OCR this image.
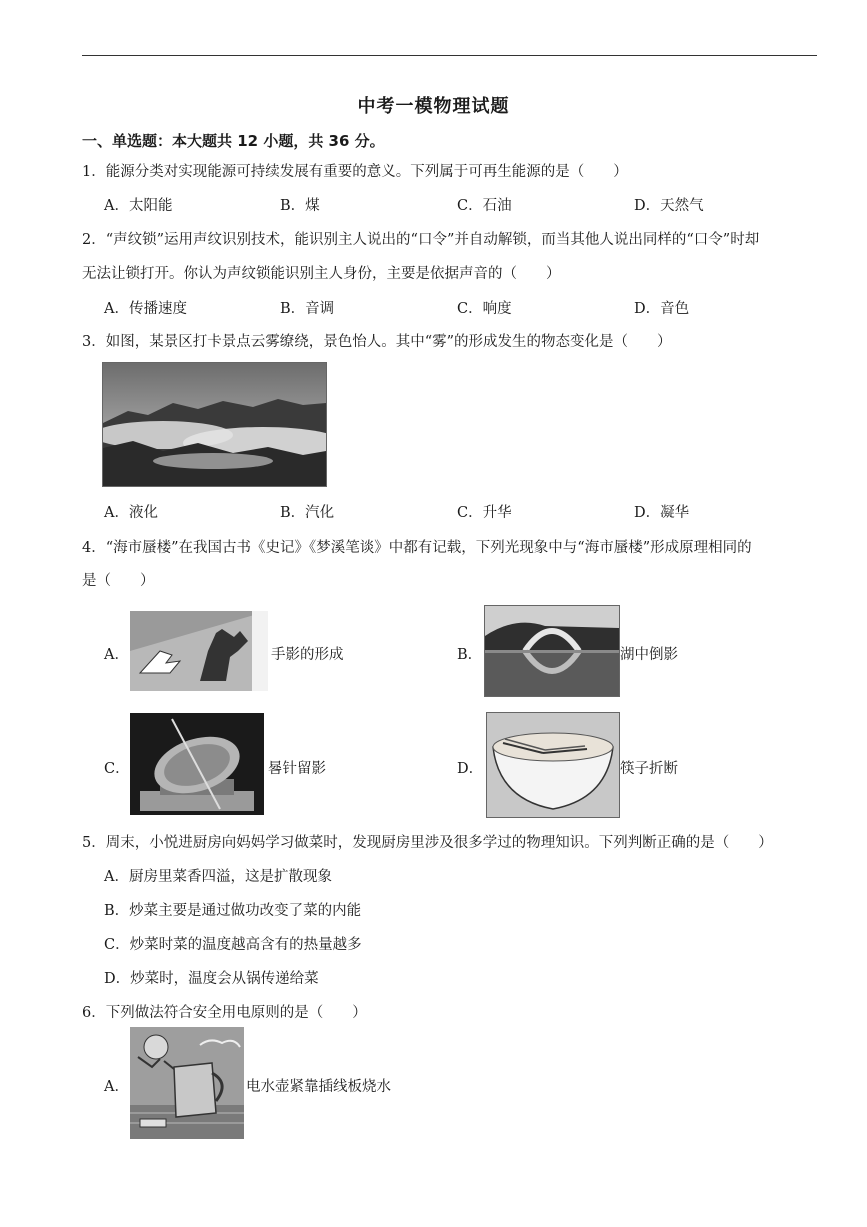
中考一模物理试题
一、单选题：本大题共 12 小题，共 36 分。
1．能源分类对实现能源可持续发展有重要的意义。下列属于可再生能源的是（　　）
A．太阳能	B．煤	C．石油	D．天然气
2．“声纹锁”运用声纹识别技术，能识别主人说出的“口令”并自动解锁，而当其他人说出同样的“口令”时却
无法让锁打开。你认为声纹锁能识别主人身份，主要是依据声音的（　　）
A．传播速度	B．音调	C．响度	D．音色
3．如图，某景区打卡景点云雾缭绕，景色怡人。其中“雾”的形成发生的物态变化是（　　）
A．液化	B．汽化	C．升华	D．凝华
4．“海市蜃楼”在我国古书《史记》《梦溪笔谈》中都有记载，下列光现象中与“海市蜃楼”形成原理相同的
是（　　）
A．	手影的形成	B．	湖中倒影
C．	晷针留影	D．	筷子折断
5．周末，小悦进厨房向妈妈学习做菜时，发现厨房里涉及很多学过的物理知识。下列判断正确的是（　　）
A．厨房里菜香四溢，这是扩散现象
B．炒菜主要是通过做功改变了菜的内能
C．炒菜时菜的温度越高含有的热量越多
D．炒菜时，温度会从锅传递给菜
6．下列做法符合安全用电原则的是（　　）
A．	电水壶紧靠插线板烧水
